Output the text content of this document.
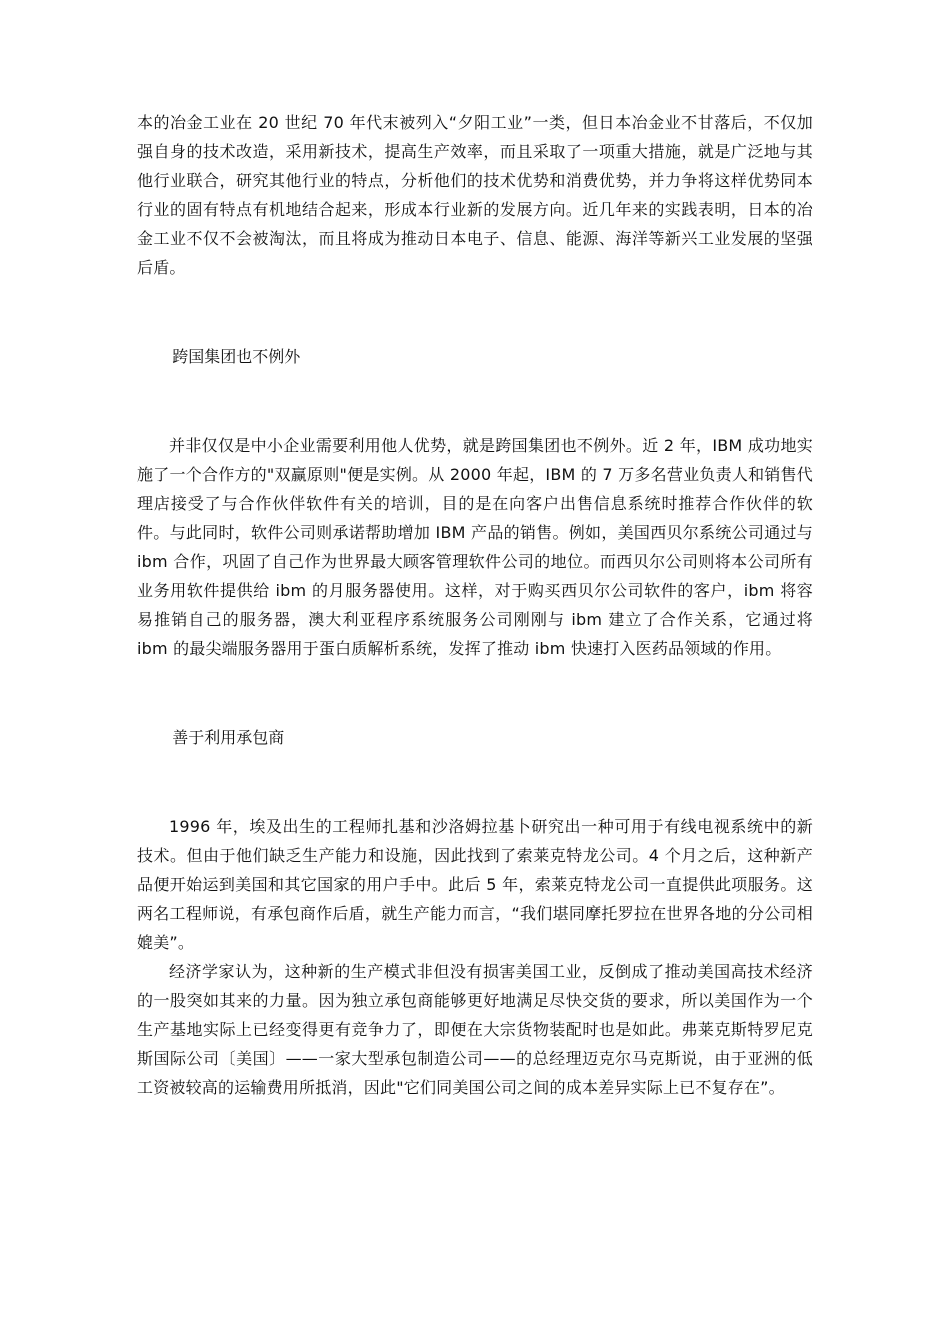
本的冶金工业在 20 世纪 70 年代末被列入“夕阳工业”一类，但日本冶金业不甘落后，不仅加强自身的技术改造，采用新技术，提高生产效率，而且采取了一项重大措施，就是广泛地与其他行业联合，研究其他行业的特点，分析他们的技术优势和消费优势，并力争将这样优势同本行业的固有特点有机地结合起来，形成本行业新的发展方向。近几年来的实践表明，日本的冶金工业不仅不会被淘汰，而且将成为推动日本电子、信息、能源、海洋等新兴工业发展的坚强后盾。

跨国集团也不例外

并非仅仅是中小企业需要利用他人优势，就是跨国集团也不例外。近 2 年，IBM 成功地实施了一个合作方的"双赢原则"便是实例。从 2000 年起，IBM 的 7 万多名营业负责人和销售代理店接受了与合作伙伴软件有关的培训，目的是在向客户出售信息系统时推荐合作伙伴的软件。与此同时，软件公司则承诺帮助增加 IBM 产品的销售。例如，美国西贝尔系统公司通过与 ibm 合作，巩固了自己作为世界最大顾客管理软件公司的地位。而西贝尔公司则将本公司所有业务用软件提供给 ibm 的月服务器使用。这样，对于购买西贝尔公司软件的客户，ibm 将容易推销自己的服务器，澳大利亚程序系统服务公司刚刚与 ibm 建立了合作关系，它通过将 ibm 的最尖端服务器用于蛋白质解析系统，发挥了推动 ibm 快速打入医药品领域的作用。

善于利用承包商

1996 年，埃及出生的工程师扎基和沙洛姆拉基卜研究出一种可用于有线电视系统中的新技术。但由于他们缺乏生产能力和设施，因此找到了索莱克特龙公司。4 个月之后，这种新产品便开始运到美国和其它国家的用户手中。此后 5 年，索莱克特龙公司一直提供此项服务。这两名工程师说，有承包商作后盾，就生产能力而言，“我们堪同摩托罗拉在世界各地的分公司相媲美”。

经济学家认为，这种新的生产模式非但没有损害美国工业，反倒成了推动美国高技术经济的一股突如其来的力量。因为独立承包商能够更好地满足尽快交货的要求，所以美国作为一个生产基地实际上已经变得更有竞争力了，即便在大宗货物装配时也是如此。弗莱克斯特罗尼克斯国际公司〔美国〕——一家大型承包制造公司——的总经理迈克尔马克斯说，由于亚洲的低工资被较高的运输费用所抵消，因此"它们同美国公司之间的成本差异实际上已不复存在”。
